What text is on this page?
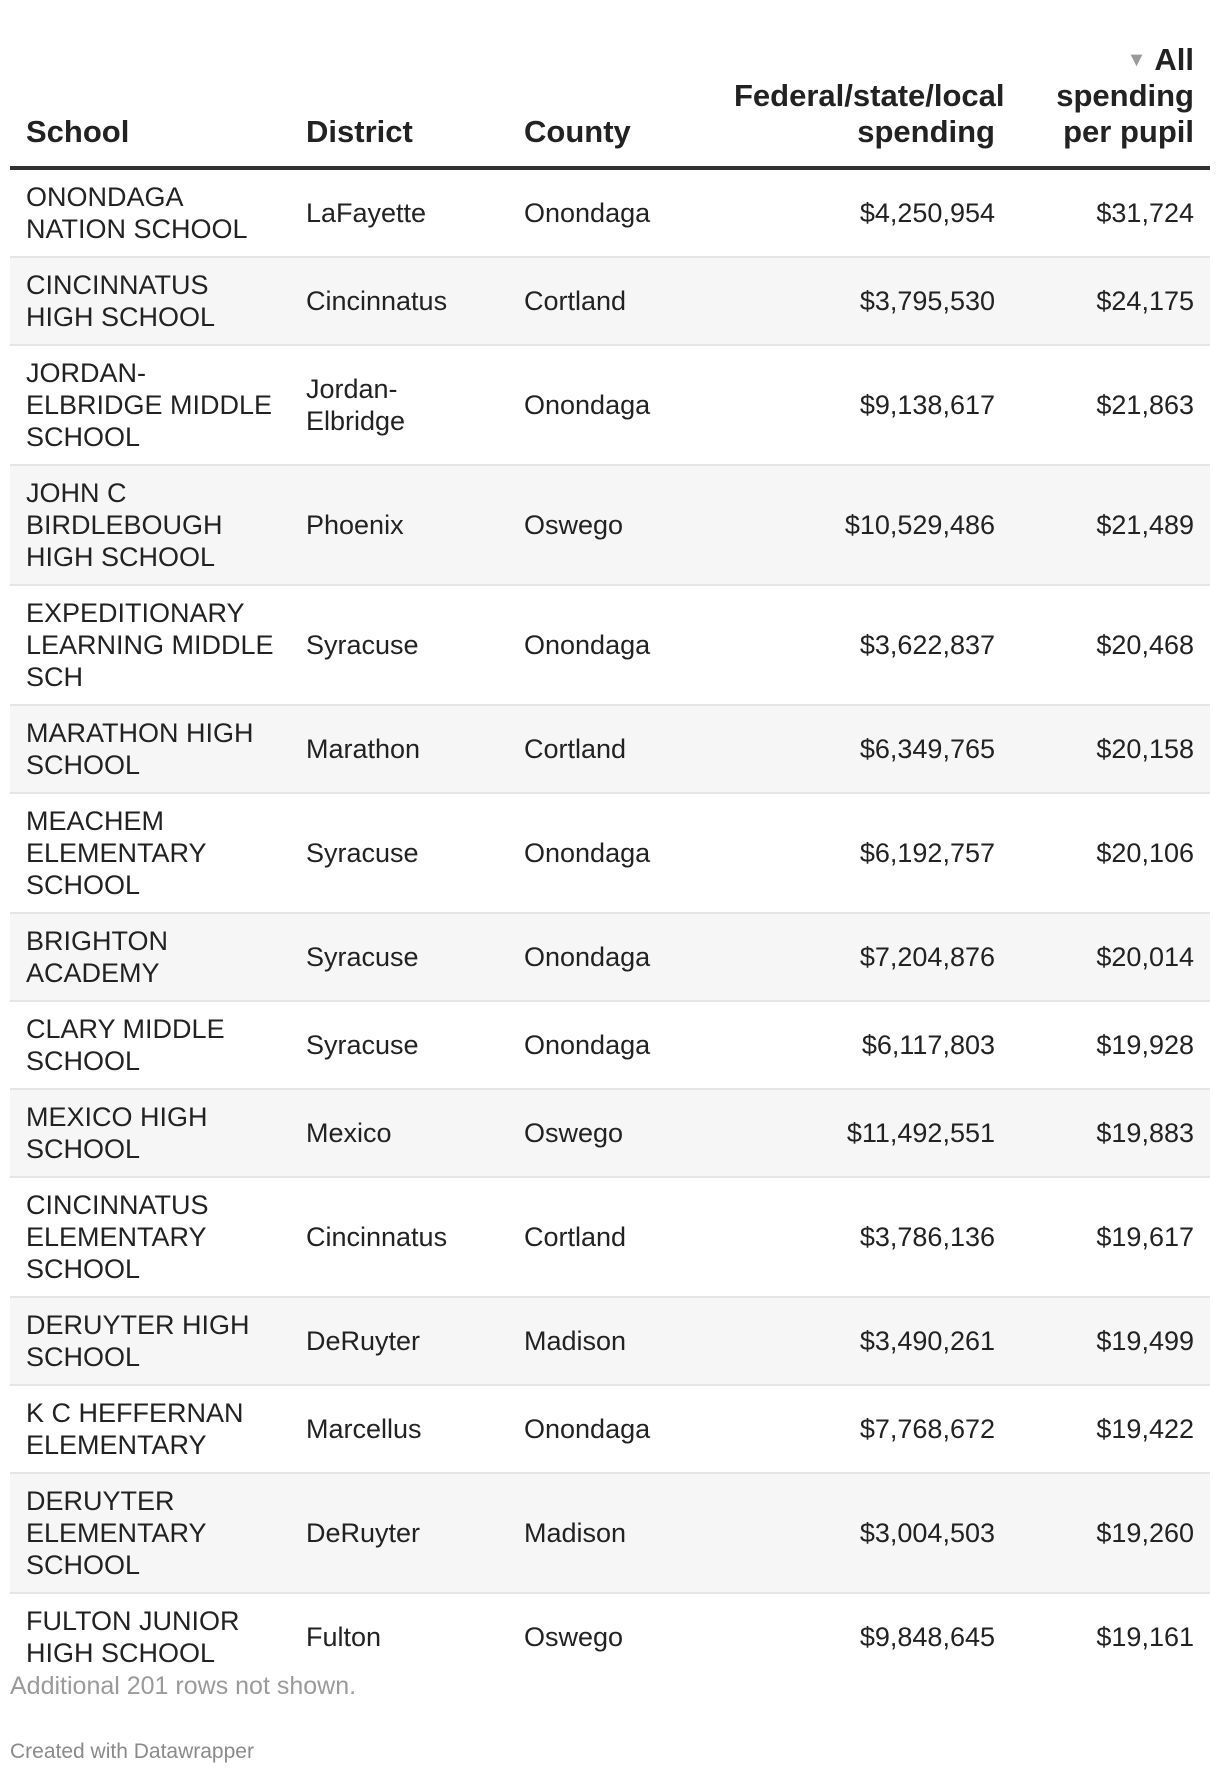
School	District	County	Federal/state/local spending	▼ All spending per pupil
ONONDAGA NATION SCHOOL	LaFayette	Onondaga	$4,250,954	$31,724
CINCINNATUS HIGH SCHOOL	Cincinnatus	Cortland	$3,795,530	$24,175
JORDAN-ELBRIDGE MIDDLE SCHOOL	Jordan-Elbridge	Onondaga	$9,138,617	$21,863
JOHN C BIRDLEBOUGH HIGH SCHOOL	Phoenix	Oswego	$10,529,486	$21,489
EXPEDITIONARY LEARNING MIDDLE SCH	Syracuse	Onondaga	$3,622,837	$20,468
MARATHON HIGH SCHOOL	Marathon	Cortland	$6,349,765	$20,158
MEACHEM ELEMENTARY SCHOOL	Syracuse	Onondaga	$6,192,757	$20,106
BRIGHTON ACADEMY	Syracuse	Onondaga	$7,204,876	$20,014
CLARY MIDDLE SCHOOL	Syracuse	Onondaga	$6,117,803	$19,928
MEXICO HIGH SCHOOL	Mexico	Oswego	$11,492,551	$19,883
CINCINNATUS ELEMENTARY SCHOOL	Cincinnatus	Cortland	$3,786,136	$19,617
DERUYTER HIGH SCHOOL	DeRuyter	Madison	$3,490,261	$19,499
K C HEFFERNAN ELEMENTARY	Marcellus	Onondaga	$7,768,672	$19,422
DERUYTER ELEMENTARY SCHOOL	DeRuyter	Madison	$3,004,503	$19,260
FULTON JUNIOR HIGH SCHOOL	Fulton	Oswego	$9,848,645	$19,161
Additional 201 rows not shown.
Created with Datawrapper
